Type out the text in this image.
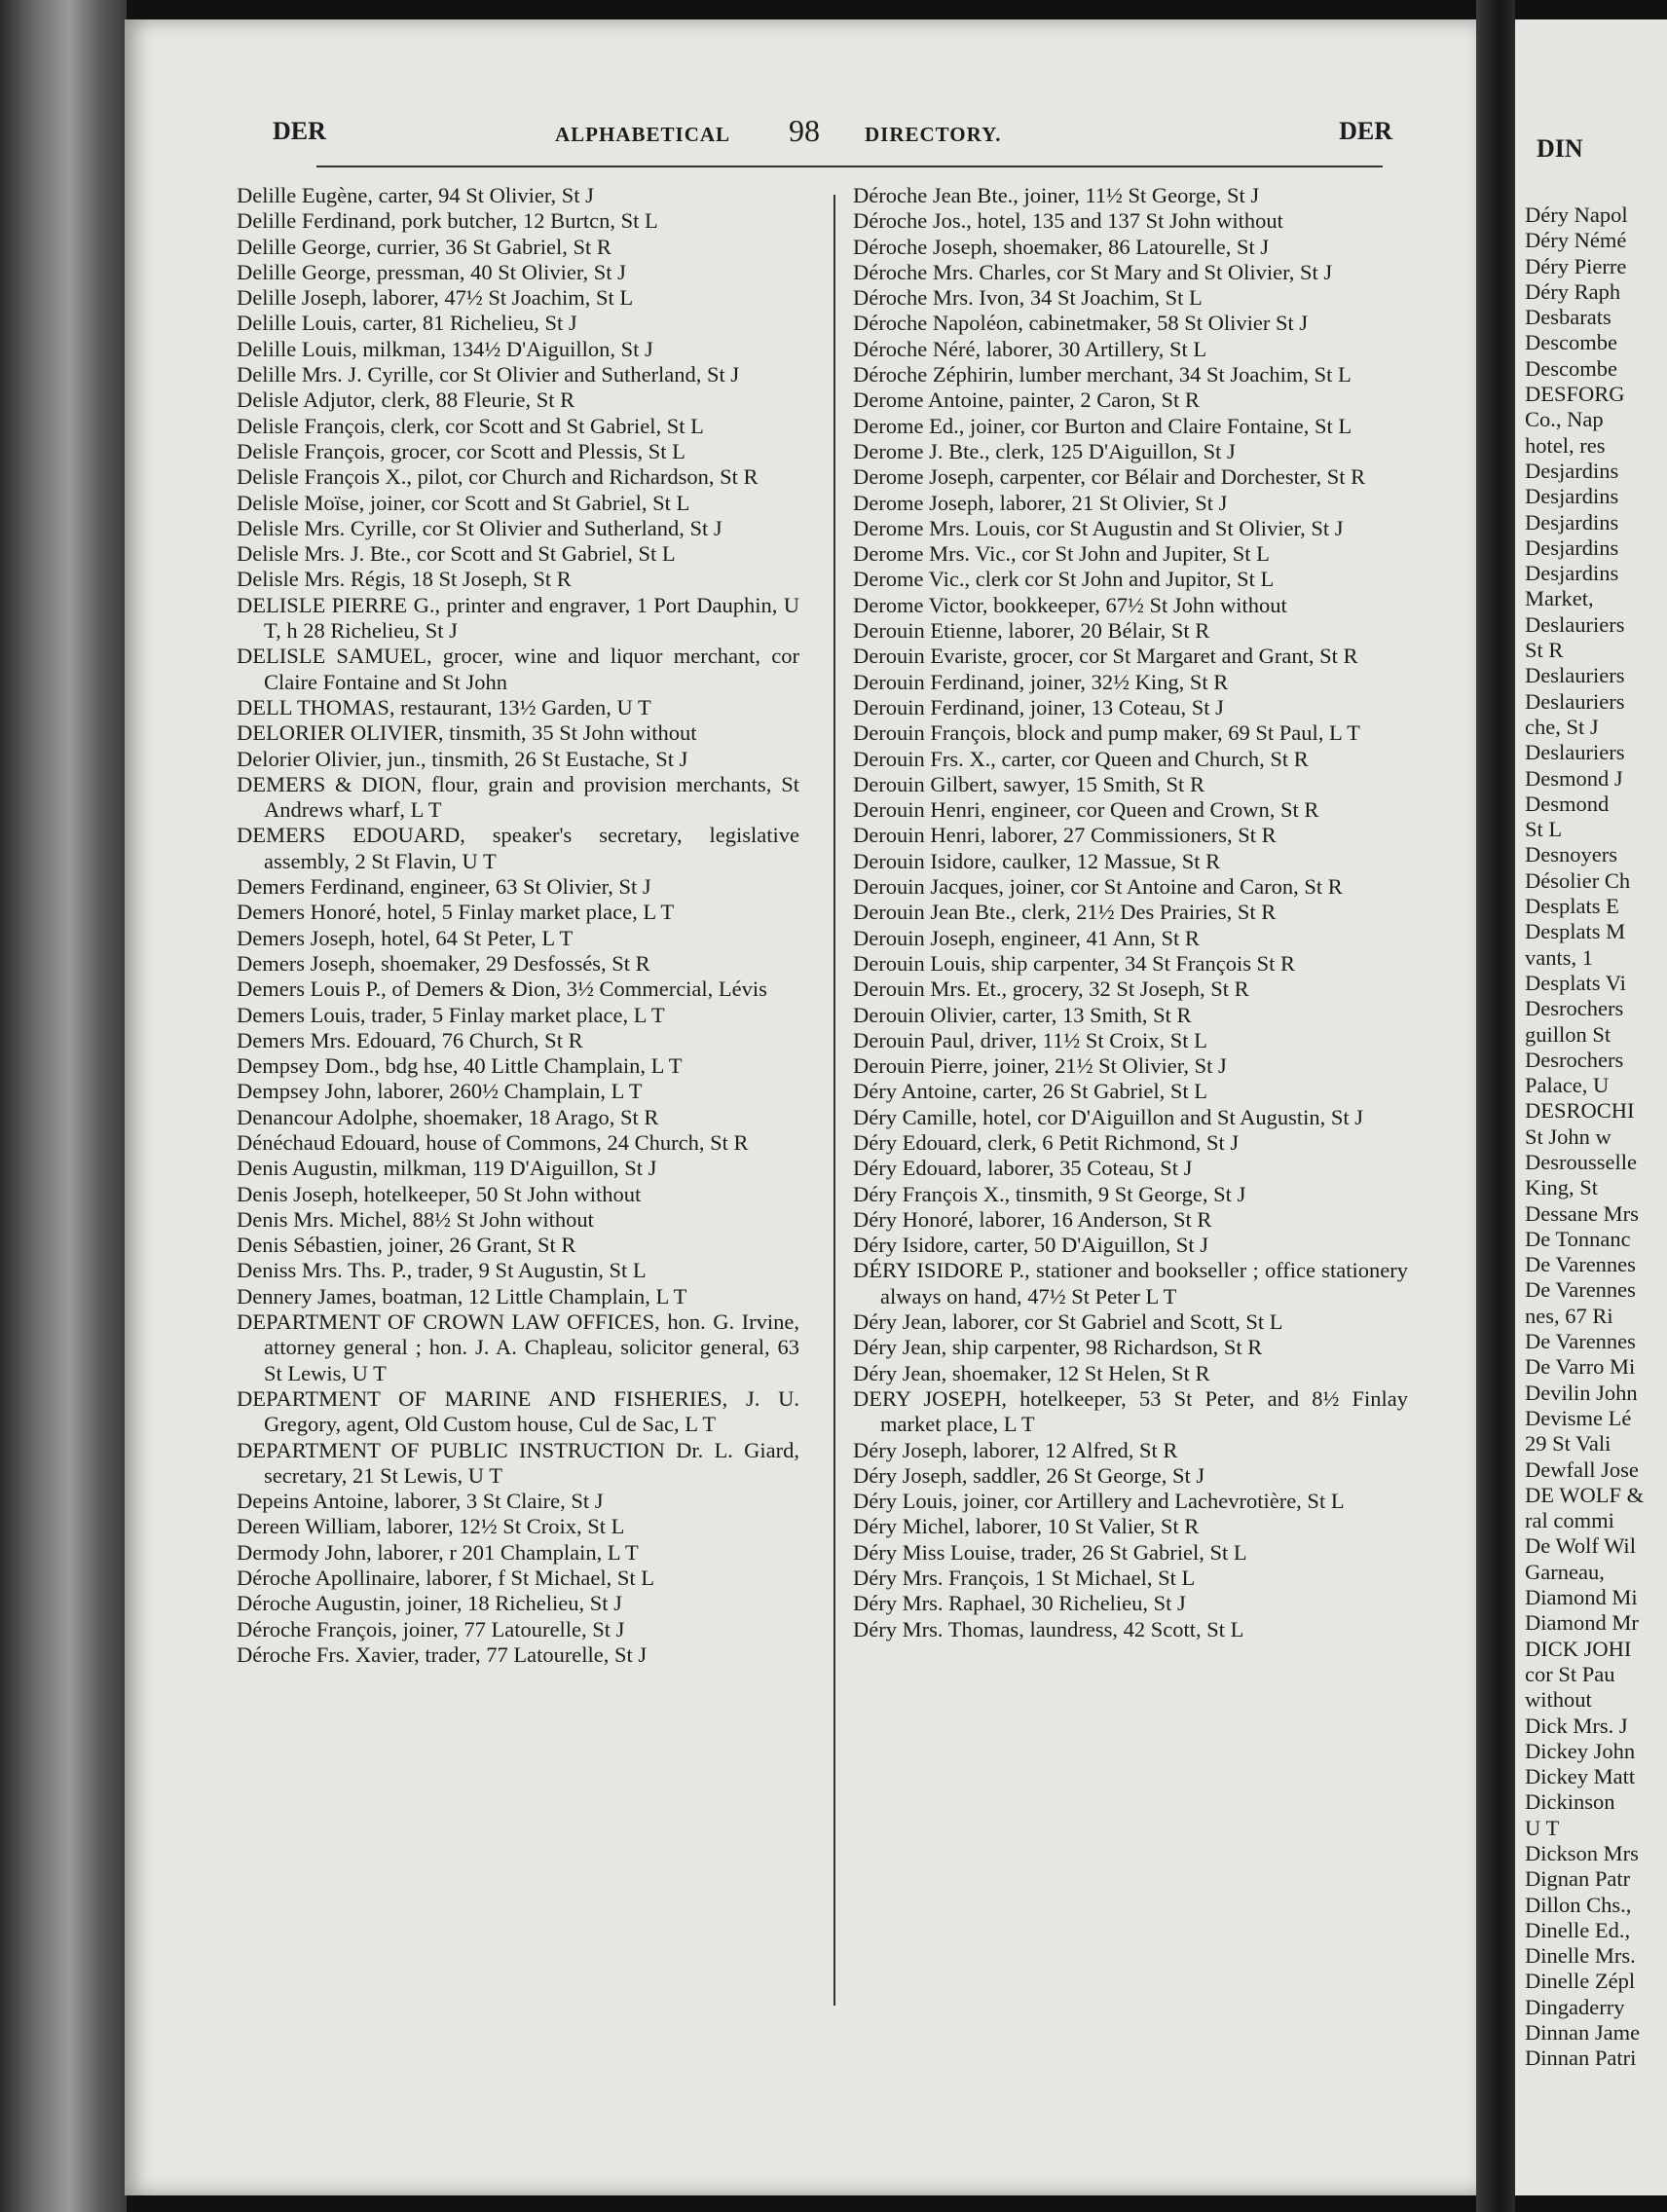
DER	ALPHABETICAL 98 DIRECTORY.	DER
Delille Eugène, carter, 94 St Olivier, St J
Delille Ferdinand, pork butcher, 12 Burtcn, St L
Delille George, currier, 36 St Gabriel, St R
Delille George, pressman, 40 St Olivier, St J
Delille Joseph, laborer, 47½ St Joachim, St L
Delille Louis, carter, 81 Richelieu, St J
Delille Louis, milkman, 134½ D'Aiguillon, St J
Delille Mrs. J. Cyrille, cor St Olivier and Sutherland, St J
Delisle Adjutor, clerk, 88 Fleurie, St R
Delisle François, clerk, cor Scott and St Gabriel, St L
Delisle François, grocer, cor Scott and Plessis, St L
Delisle François X., pilot, cor Church and Richardson, St R
Delisle Moïse, joiner, cor Scott and St Gabriel, St L
Delisle Mrs. Cyrille, cor St Olivier and Sutherland, St J
Delisle Mrs. J. Bte., cor Scott and St Gabriel, St L
Delisle Mrs. Régis, 18 St Joseph, St R
DELISLE PIERRE G., printer and engraver, 1 Port Dauphin, U T, h 28 Richelieu, St J
DELISLE SAMUEL, grocer, wine and liquor merchant, cor Claire Fontaine and St John
DELL THOMAS, restaurant, 13½ Garden, U T
DELORIER OLIVIER, tinsmith, 35 St John without
Delorier Olivier, jun., tinsmith, 26 St Eustache, St J
DEMERS & DION, flour, grain and provision merchants, St Andrews wharf, L T
DEMERS EDOUARD, speaker's secretary, legislative assembly, 2 St Flavin, U T
Demers Ferdinand, engineer, 63 St Olivier, St J
Demers Honoré, hotel, 5 Finlay market place, L T
Demers Joseph, hotel, 64 St Peter, L T
Demers Joseph, shoemaker, 29 Desfossés, St R
Demers Louis P., of Demers & Dion, 3½ Commercial, Lévis
Demers Louis, trader, 5 Finlay market place, L T
Demers Mrs. Edouard, 76 Church, St R
Dempsey Dom., bdg hse, 40 Little Champlain, L T
Dempsey John, laborer, 260½ Champlain, L T
Denancour Adolphe, shoemaker, 18 Arago, St R
Dénéchaud Edouard, house of Commons, 24 Church, St R
Denis Augustin, milkman, 119 D'Aiguillon, St J
Denis Joseph, hotelkeeper, 50 St John without
Denis Mrs. Michel, 88½ St John without
Denis Sébastien, joiner, 26 Grant, St R
Deniss Mrs. Ths. P., trader, 9 St Augustin, St L
Dennery James, boatman, 12 Little Champlain, L T
DEPARTMENT OF CROWN LAW OFFICES, hon. G. Irvine, attorney general ; hon. J. A. Chapleau, solicitor general, 63 St Lewis, U T
DEPARTMENT OF MARINE AND FISHERIES, J. U. Gregory, agent, Old Custom house, Cul de Sac, L T
DEPARTMENT OF PUBLIC INSTRUCTION Dr. L. Giard, secretary, 21 St Lewis, U T
Depeins Antoine, laborer, 3 St Claire, St J
Dereen William, laborer, 12½ St Croix, St L
Dermody John, laborer, r 201 Champlain, L T
Déroche Apollinaire, laborer, f St Michael, St L
Déroche Augustin, joiner, 18 Richelieu, St J
Déroche François, joiner, 77 Latourelle, St J
Déroche Frs. Xavier, trader, 77 Latourelle, St J
Déroche Jean Bte., joiner, 11½ St George, St J
Déroche Jos., hotel, 135 and 137 St John without
Déroche Joseph, shoemaker, 86 Latourelle, St J
Déroche Mrs. Charles, cor St Mary and St Olivier, St J
Déroche Mrs. Ivon, 34 St Joachim, St L
Déroche Napoléon, cabinetmaker, 58 St Olivier St J
Déroche Néré, laborer, 30 Artillery, St L
Déroche Zéphirin, lumber merchant, 34 St Joachim, St L
Derome Antoine, painter, 2 Caron, St R
Derome Ed., joiner, cor Burton and Claire Fontaine, St L
Derome J. Bte., clerk, 125 D'Aiguillon, St J
Derome Joseph, carpenter, cor Bélair and Dorchester, St R
Derome Joseph, laborer, 21 St Olivier, St J
Derome Mrs. Louis, cor St Augustin and St Olivier, St J
Derome Mrs. Vic., cor St John and Jupiter, St L
Derome Vic., clerk cor St John and Jupitor, St L
Derome Victor, bookkeeper, 67½ St John without
Derouin Etienne, laborer, 20 Bélair, St R
Derouin Evariste, grocer, cor St Margaret and Grant, St R
Derouin Ferdinand, joiner, 32½ King, St R
Derouin Ferdinand, joiner, 13 Coteau, St J
Derouin François, block and pump maker, 69 St Paul, L T
Derouin Frs. X., carter, cor Queen and Church, St R
Derouin Gilbert, sawyer, 15 Smith, St R
Derouin Henri, engineer, cor Queen and Crown, St R
Derouin Henri, laborer, 27 Commissioners, St R
Derouin Isidore, caulker, 12 Massue, St R
Derouin Jacques, joiner, cor St Antoine and Caron, St R
Derouin Jean Bte., clerk, 21½ Des Prairies, St R
Derouin Joseph, engineer, 41 Ann, St R
Derouin Louis, ship carpenter, 34 St François St R
Derouin Mrs. Et., grocery, 32 St Joseph, St R
Derouin Olivier, carter, 13 Smith, St R
Derouin Paul, driver, 11½ St Croix, St L
Derouin Pierre, joiner, 21½ St Olivier, St J
Déry Antoine, carter, 26 St Gabriel, St L
Déry Camille, hotel, cor D'Aiguillon and St Augustin, St J
Déry Edouard, clerk, 6 Petit Richmond, St J
Déry Edouard, laborer, 35 Coteau, St J
Déry François X., tinsmith, 9 St George, St J
Déry Honoré, laborer, 16 Anderson, St R
Déry Isidore, carter, 50 D'Aiguillon, St J
DÉRY ISIDORE P., stationer and bookseller ; office stationery always on hand, 47½ St Peter L T
Déry Jean, laborer, cor St Gabriel and Scott, St L
Déry Jean, ship carpenter, 98 Richardson, St R
Déry Jean, shoemaker, 12 St Helen, St R
DERY JOSEPH, hotelkeeper, 53 St Peter, and 8½ Finlay market place, L T
Déry Joseph, laborer, 12 Alfred, St R
Déry Joseph, saddler, 26 St George, St J
Déry Louis, joiner, cor Artillery and Lachevrotière, St L
Déry Michel, laborer, 10 St Valier, St R
Déry Miss Louise, trader, 26 St Gabriel, St L
Déry Mrs. François, 1 St Michael, St L
Déry Mrs. Raphael, 30 Richelieu, St J
Déry Mrs. Thomas, laundress, 42 Scott, St L
DIN
Déry Napol
Déry Némé
Déry Pierre
Déry Raph
Desbarats
Descombe
Descombe
DESFORG
Co., Nap
hotel, res
Desjardins
Desjardins
Desjardins
Desjardins
Desjardins
Market,
Deslauriers
St R
Deslauriers
Deslauriers
che, St J
Deslauriers
Desmond J
Desmond
St L
Desnoyers
Désolier Ch
Desplats E
Desplats M
vants, 1
Desplats Vi
Desrochers
guillon St
Desrochers
Palace, U
DESROCHI
St John w
Desrousselle
King, St
Dessane Mrs
De Tonnanc
De Varennes
De Varennes
nes, 67 Ri
De Varennes
De Varro Mi
Devilin John
Devisme Lé
29 St Vali
Dewfall Jose
DE WOLF &
ral commi
De Wolf Wil
Garneau,
Diamond Mi
Diamond Mr
DICK JOHI
cor St Pau
without
Dick Mrs. J
Dickey John
Dickey Matt
Dickinson
U T
Dickson Mrs
Dignan Patr
Dillon Chs.,
Dinelle Ed.,
Dinelle Mrs.
Dinelle Zépl
Dingaderry
Dinnan Jame
Dinnan Patri
